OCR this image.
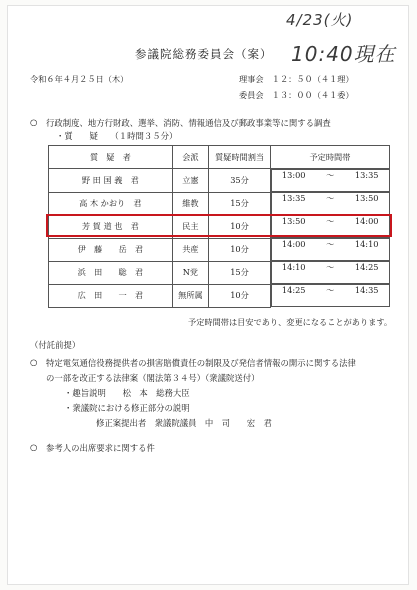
4/23(火)
10:40現在
参議院総務委員会（案）
令和６年４月２５日（木）	理事会　１２：５０（４１理）
委員会　１３：００（４１委）
○ 行政制度、地方行財政、選挙、消防、情報通信及び郵政事業等に関する調査
・質　　疑　　（１時間３５分）
質　疑　者	会派	質疑時間割当	予定時間帯
野 田 国 義　君	立憲	35分		13:00	〜	13:35

高 木 かおり　君	維教	15分		13:35	〜	13:50

芳 賀 道 也　君	民主	10分		13:50	〜	14:00

伊　藤　　岳　君	共産	10分		14:00	〜	14:10

浜　田　　聡　君	N党	15分		14:10	〜	14:25

広　田　　一　君	無所属	10分		14:25	〜	14:35
予定時間帯は目安であり、変更になることがあります。
（付託前提）
○ 特定電気通信役務提供者の損害賠償責任の制限及び発信者情報の開示に関する法律
の一部を改正する法律案（閣法第３４号）（衆議院送付）
・趣旨説明　　松　本　総務大臣
・衆議院における修正部分の説明
修正案提出者　衆議院議員　中　司　　宏　君
○ 参考人の出席要求に関する件
